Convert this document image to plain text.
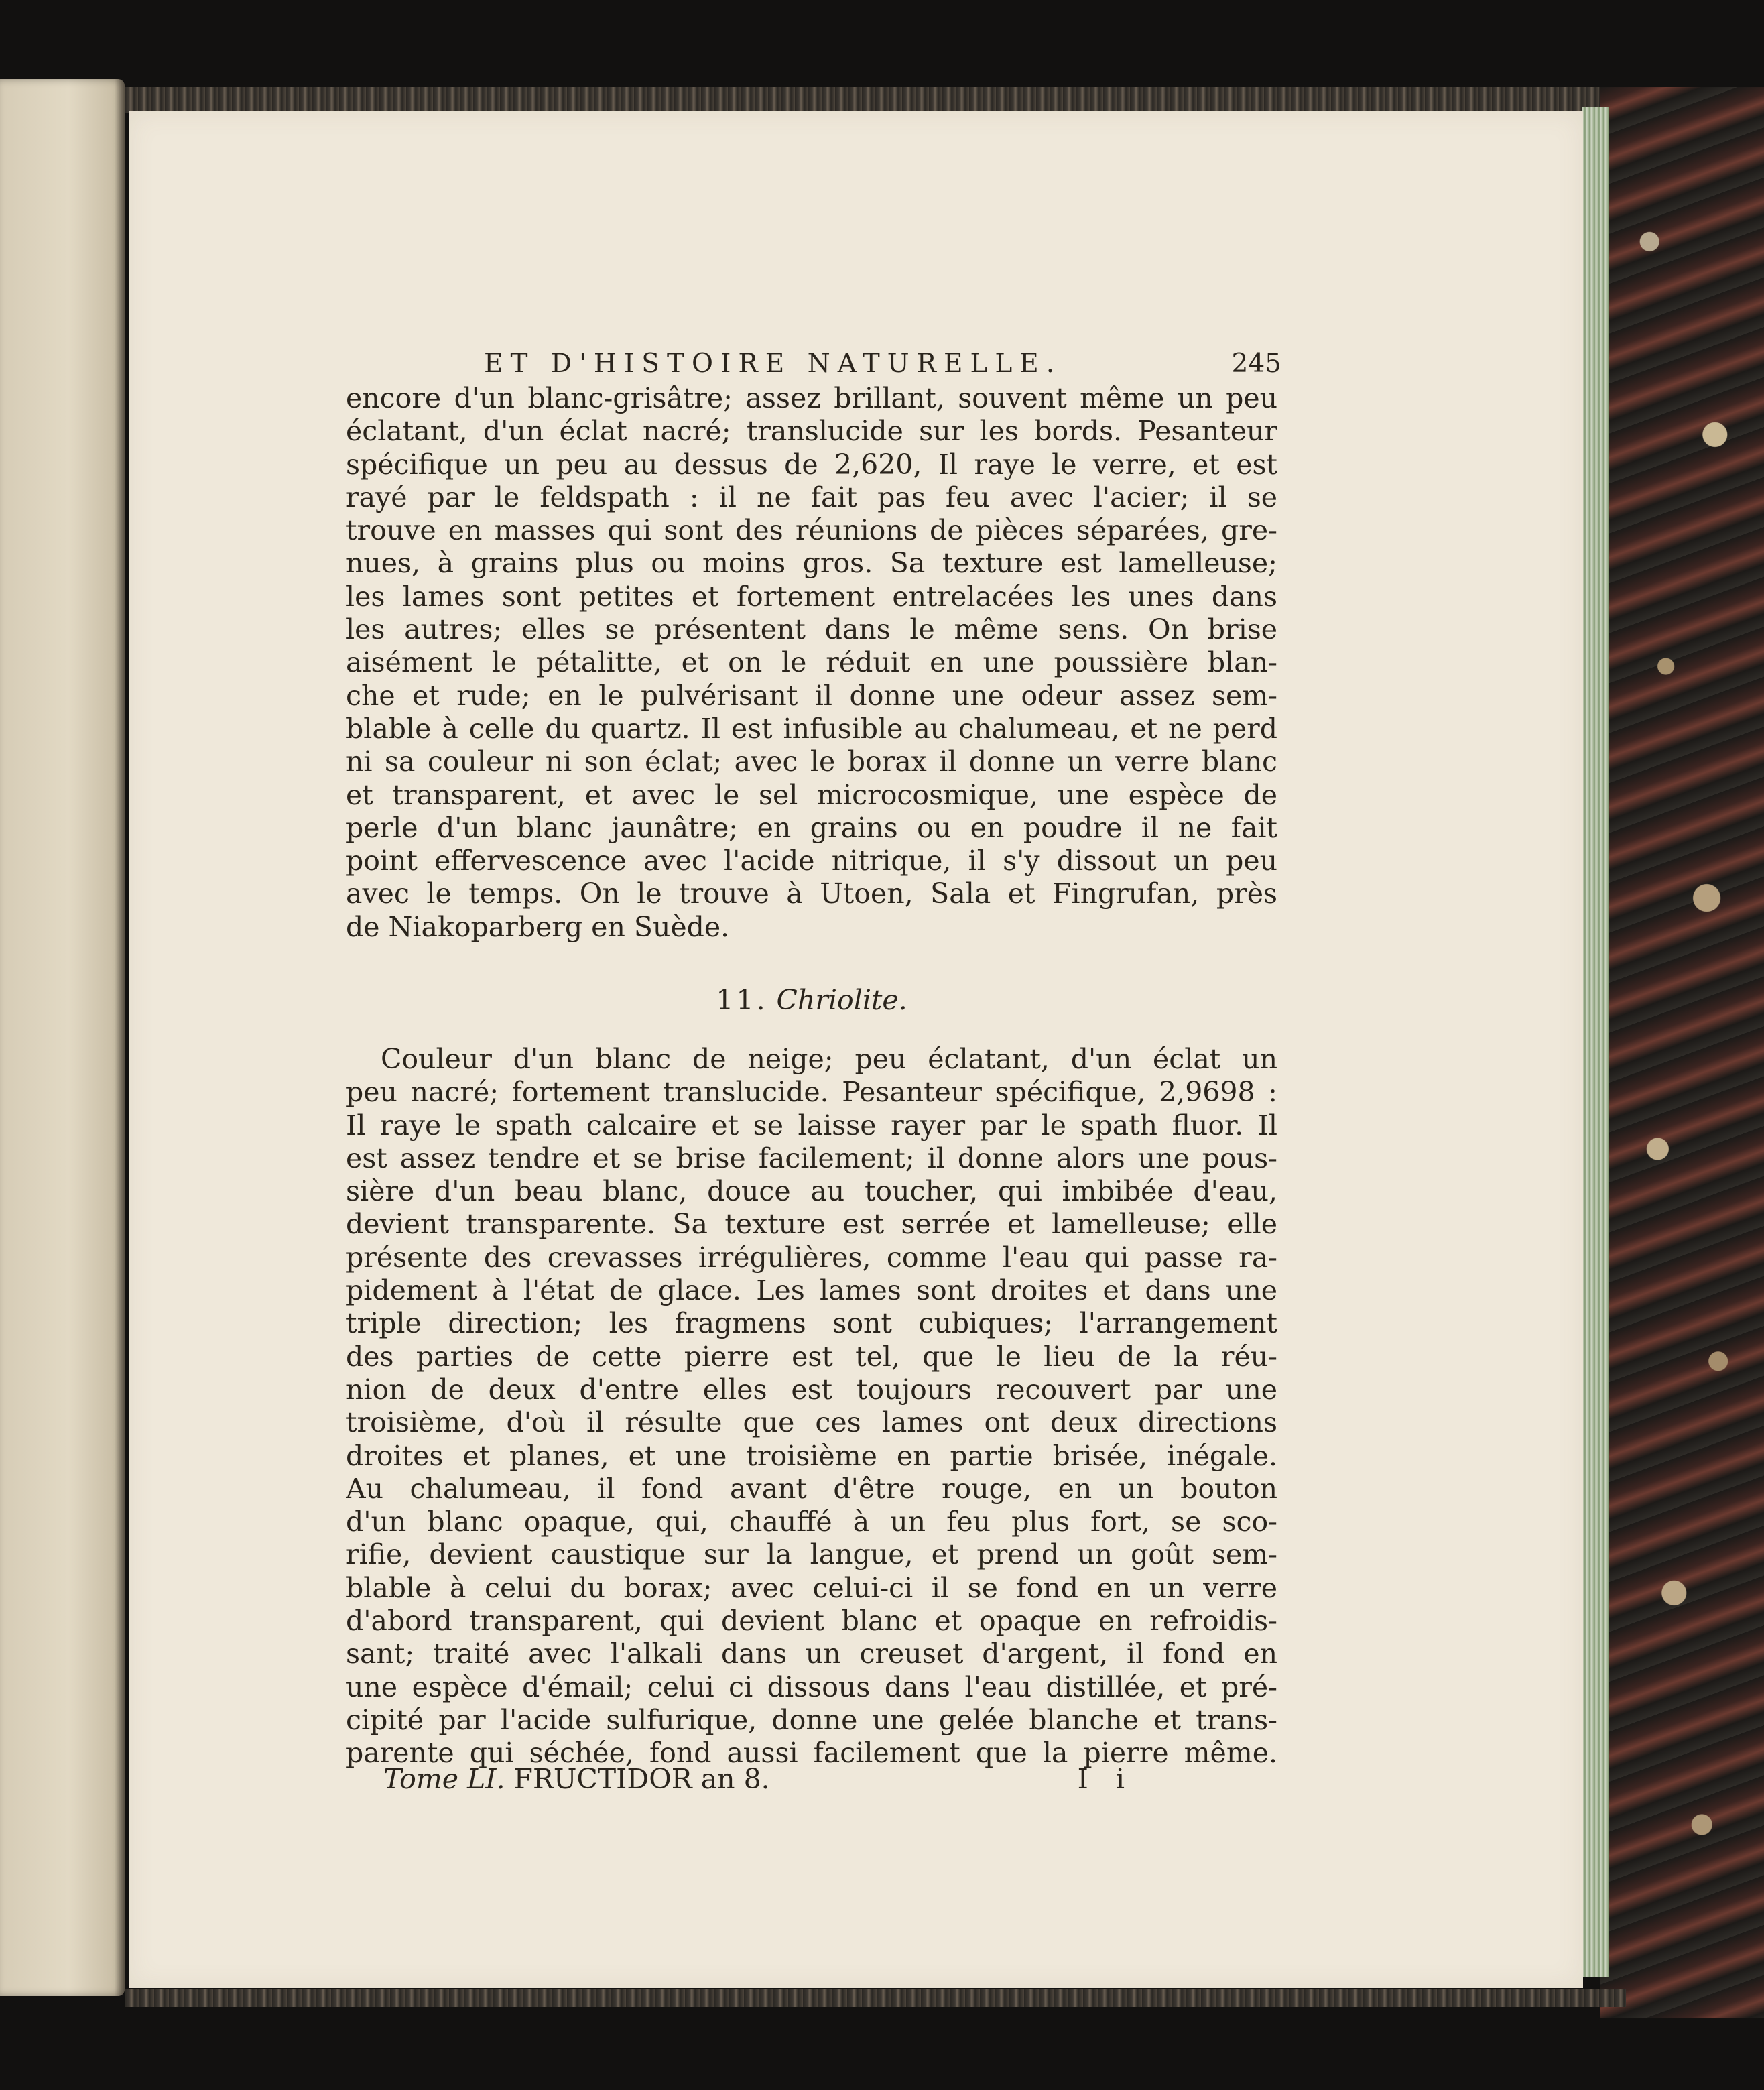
ET D'HISTOIRE NATURELLE.	245
encore d'un blanc-grisâtre; assez brillant, souvent même un peu
éclatant, d'un éclat nacré; translucide sur les bords. Pesanteur
spécifique un peu au dessus de 2,620, Il raye le verre, et est
rayé par le feldspath : il ne fait pas feu avec l'acier; il se
trouve en masses qui sont des réunions de pièces séparées, gre-
nues, à grains plus ou moins gros. Sa texture est lamelleuse;
les lames sont petites et fortement entrelacées les unes dans
les autres; elles se présentent dans le même sens. On brise
aisément le pétalitte, et on le réduit en une poussière blan-
che et rude; en le pulvérisant il donne une odeur assez sem-
blable à celle du quartz. Il est infusible au chalumeau, et ne perd
ni sa couleur ni son éclat; avec le borax il donne un verre blanc
et transparent, et avec le sel microcosmique, une espèce de
perle d'un blanc jaunâtre; en grains ou en poudre il ne fait
point effervescence avec l'acide nitrique, il s'y dissout un peu
avec le temps. On le trouve à Utoen, Sala et Fingrufan, près
de Niakoparberg en Suède.
11. Chriolite.
Couleur d'un blanc de neige; peu éclatant, d'un éclat un
peu nacré; fortement translucide. Pesanteur spécifique, 2,9698 :
Il raye le spath calcaire et se laisse rayer par le spath fluor. Il
est assez tendre et se brise facilement; il donne alors une pous-
sière d'un beau blanc, douce au toucher, qui imbibée d'eau,
devient transparente. Sa texture est serrée et lamelleuse; elle
présente des crevasses irrégulières, comme l'eau qui passe ra-
pidement à l'état de glace. Les lames sont droites et dans une
triple direction; les fragmens sont cubiques; l'arrangement
des parties de cette pierre est tel, que le lieu de la réu-
nion de deux d'entre elles est toujours recouvert par une
troisième, d'où il résulte que ces lames ont deux directions
droites et planes, et une troisième en partie brisée, inégale.
Au chalumeau, il fond avant d'être rouge, en un bouton
d'un blanc opaque, qui, chauffé à un feu plus fort, se sco-
rifie, devient caustique sur la langue, et prend un goût sem-
blable à celui du borax; avec celui-ci il se fond en un verre
d'abord transparent, qui devient blanc et opaque en refroidis-
sant; traité avec l'alkali dans un creuset d'argent, il fond en
une espèce d'émail; celui ci dissous dans l'eau distillée, et pré-
cipité par l'acide sulfurique, donne une gelée blanche et trans-
parente qui séchée, fond aussi facilement que la pierre même.
Tome LI. FRUCTIDOR an 8.	I i
